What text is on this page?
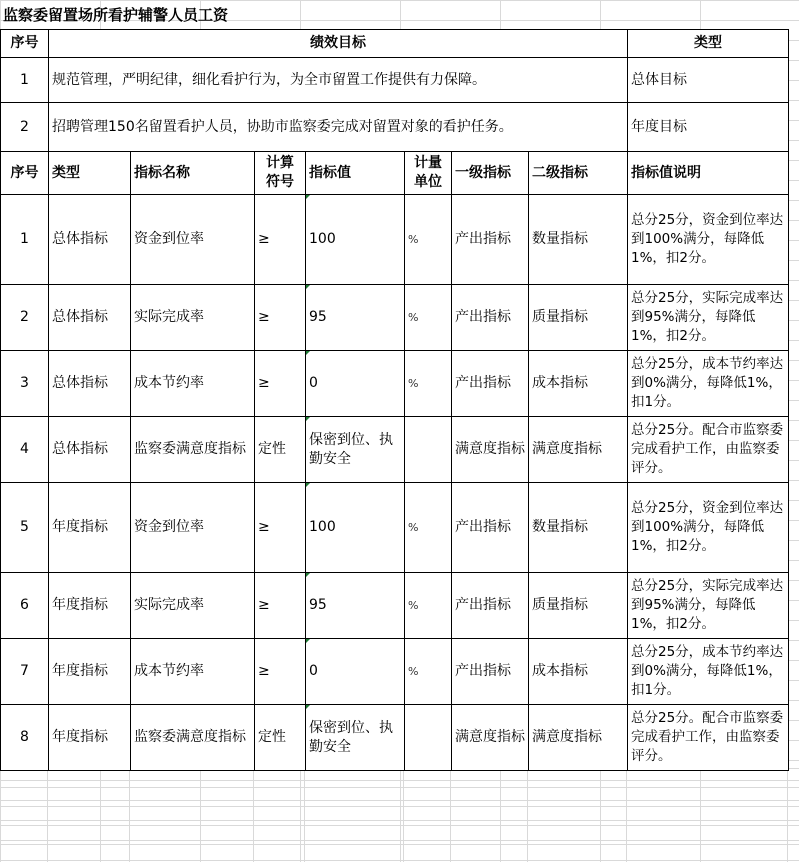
监察委留置场所看护辅警人员工资
序号	绩效目标							类型
1	规范管理，严明纪律，细化看护行为，为全市留置工作提供有力保障。							总体目标
2	招聘管理150名留置看护人员，协助市监察委完成对留置对象的看护任务。							年度目标
序号	类型	指标名称	计算符号	指标值	计量单位	一级指标	二级指标	指标值说明
1	总体指标	资金到位率	≥	100	%	产出指标	数量指标	总分25分，资金到位率达到100%满分，每降低1%，扣2分。
2	总体指标	实际完成率	≥	95	%	产出指标	质量指标	总分25分，实际完成率达到95%满分，每降低1%，扣2分。
3	总体指标	成本节约率	≥	0	%	产出指标	成本指标	总分25分，成本节约率达到0%满分，每降低1%，扣1分。
4	总体指标	监察委满意度指标	定性	保密到位、执勤安全		满意度指标	满意度指标	总分25分。配合市监察委完成看护工作，由监察委评分。
5	年度指标	资金到位率	≥	100	%	产出指标	数量指标	总分25分，资金到位率达到100%满分，每降低1%，扣2分。
6	年度指标	实际完成率	≥	95	%	产出指标	质量指标	总分25分，实际完成率达到95%满分，每降低1%，扣2分。
7	年度指标	成本节约率	≥	0	%	产出指标	成本指标	总分25分，成本节约率达到0%满分，每降低1%，扣1分。
8	年度指标	监察委满意度指标	定性	保密到位、执勤安全		满意度指标	满意度指标	总分25分。配合市监察委完成看护工作，由监察委评分。
